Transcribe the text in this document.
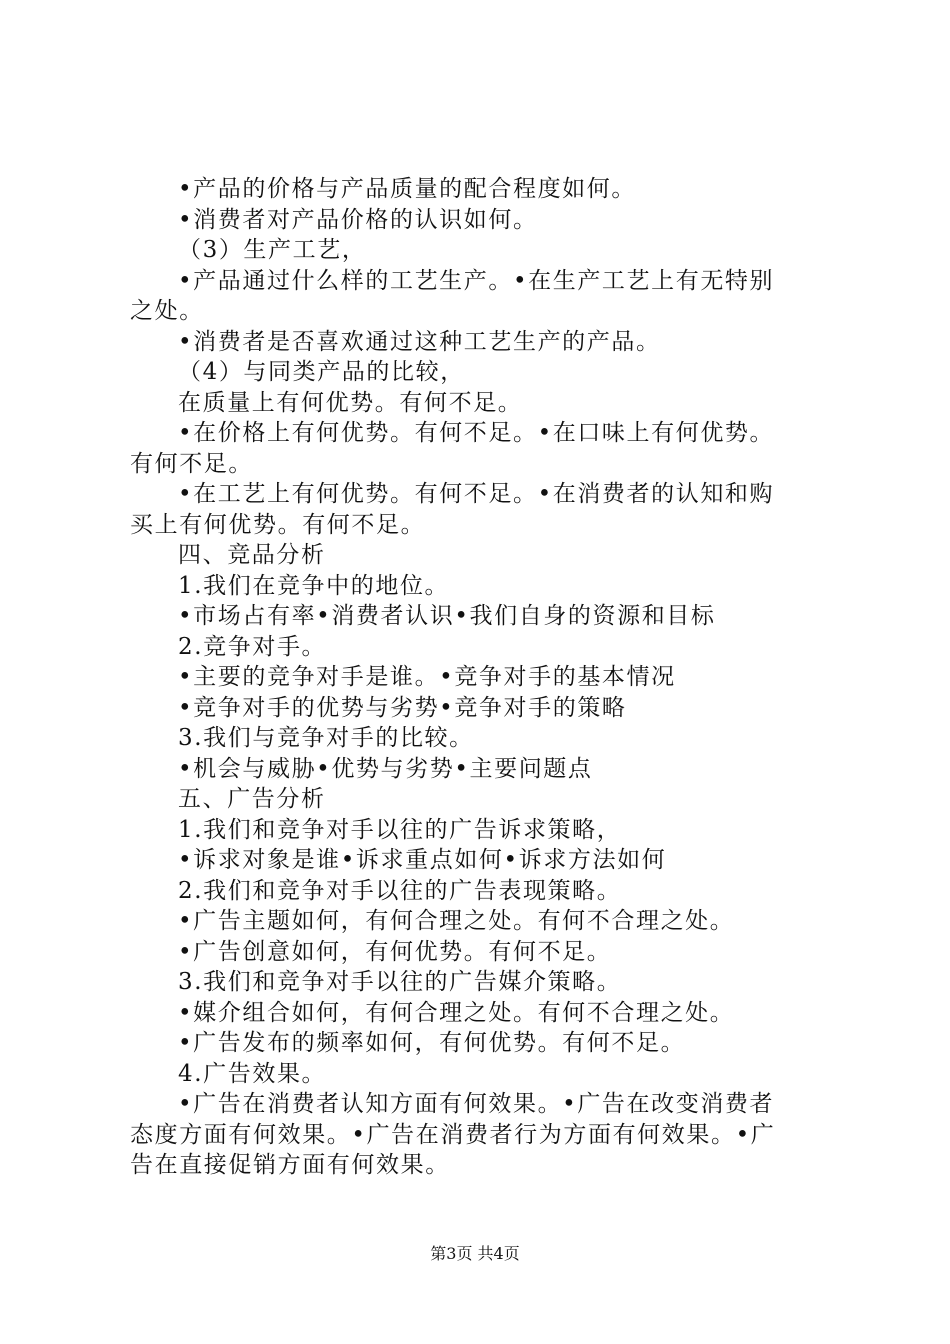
•产品的价格与产品质量的配合程度如何。
•消费者对产品价格的认识如何。
（3）生产工艺，
•产品通过什么样的工艺生产。•在生产工艺上有无特别
之处。
•消费者是否喜欢通过这种工艺生产的产品。
（4）与同类产品的比较，
在质量上有何优势。有何不足。
•在价格上有何优势。有何不足。•在口味上有何优势。
有何不足。
•在工艺上有何优势。有何不足。•在消费者的认知和购
买上有何优势。有何不足。
四、竞品分析
1.我们在竞争中的地位。
•市场占有率•消费者认识•我们自身的资源和目标
2.竞争对手。
•主要的竞争对手是谁。•竞争对手的基本情况
•竞争对手的优势与劣势•竞争对手的策略
3.我们与竞争对手的比较。
•机会与威胁•优势与劣势•主要问题点
五、广告分析
1.我们和竞争对手以往的广告诉求策略，
•诉求对象是谁•诉求重点如何•诉求方法如何
2.我们和竞争对手以往的广告表现策略。
•广告主题如何，有何合理之处。有何不合理之处。
•广告创意如何，有何优势。有何不足。
3.我们和竞争对手以往的广告媒介策略。
•媒介组合如何，有何合理之处。有何不合理之处。
•广告发布的频率如何，有何优势。有何不足。
4.广告效果。
•广告在消费者认知方面有何效果。•广告在改变消费者
态度方面有何效果。•广告在消费者行为方面有何效果。•广
告在直接促销方面有何效果。
第3页 共4页
